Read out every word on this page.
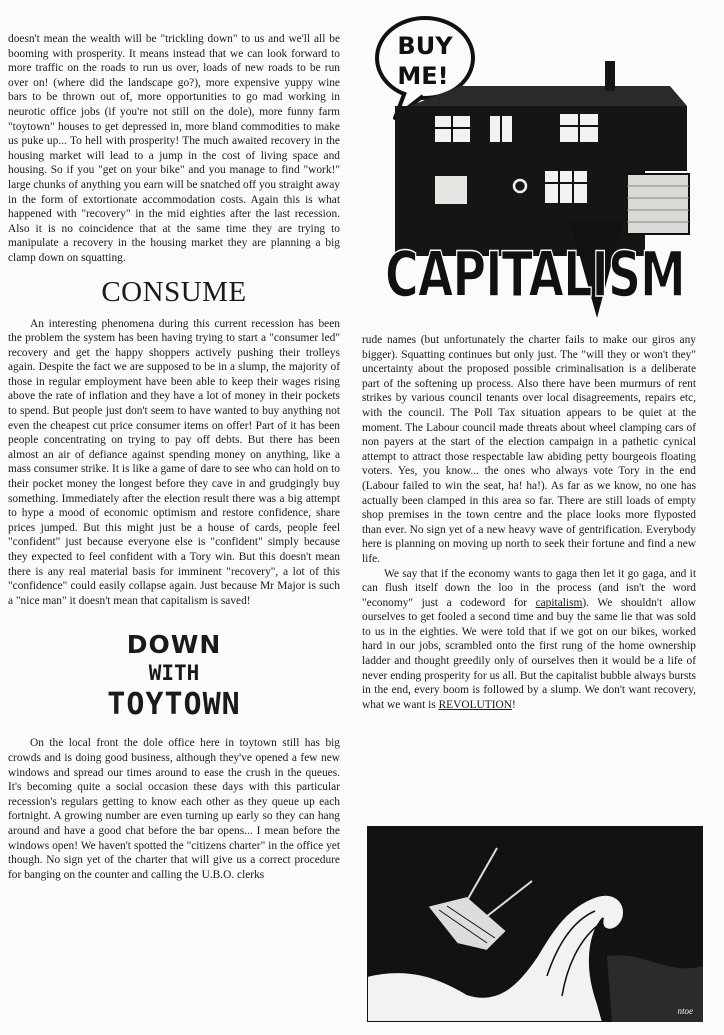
doesn't mean the wealth will be "trickling down" to us and we'll all be booming with prosperity. It means instead that we can look forward to more traffic on the roads to run us over, loads of new roads to be run over on! (where did the landscape go?), more expensive yuppy wine bars to be thrown out of, more opportunities to go mad working in neurotic office jobs (if you're not still on the dole), more funny farm "toytown" houses to get depressed in, more bland commodities to make us puke up... To hell with prosperity! The much awaited recovery in the housing market will lead to a jump in the cost of living space and housing. So if you "get on your bike" and you manage to find "work!" large chunks of anything you earn will be snatched off you straight away in the form of extortionate accommodation costs. Again this is what happened with "recovery" in the mid eighties after the last recession. Also it is no coincidence that at the same time they are trying to manipulate a recovery in the housing market they are planning a big clamp down on squatting.

CONSUME

An interesting phenomena during this current recession has been the problem the system has been having trying to start a "consumer led" recovery and get the happy shoppers actively pushing their trolleys again. Despite the fact we are supposed to be in a slump, the majority of those in regular employment have been able to keep their wages rising above the rate of inflation and they have a lot of money in their pockets to spend. But people just don't seem to have wanted to buy anything not even the cheapest cut price consumer items on offer! Part of it has been people concentrating on trying to pay off debts. But there has been almost an air of defiance against spending money on anything, like a mass consumer strike. It is like a game of dare to see who can hold on to their pocket money the longest before they cave in and grudgingly buy something. Immediately after the election result there was a big attempt to hype a mood of economic optimism and restore confidence, share prices jumped. But this might just be a house of cards, people feel "confident" just because everyone else is "confident" simply because they expected to feel confident with a Tory win. But this doesn't mean there is any real material basis for imminent "recovery", a lot of this "confidence" could easily collapse again. Just because Mr Major is such a "nice man" it doesn't mean that capitalism is saved!

DOWN
WITH
TOYTOWN

On the local front the dole office here in toytown still has big crowds and is doing good business, although they've opened a few new windows and spread our times around to ease the crush in the queues. It's becoming quite a social occasion these days with this particular recession's regulars getting to know each other as they queue up each fortnight. A growing number are even turning up early so they can hang around and have a good chat before the bar opens... I mean before the windows open! We haven't spotted the "citizens charter" in the office yet though. No sign yet of the charter that will give us a correct procedure for banging on the counter and calling the U.B.O. clerks

rude names (but unfortunately the charter fails to make our giros any bigger). Squatting continues but only just. The "will they or won't they" uncertainty about the proposed possible criminalisation is a deliberate part of the softening up process. Also there have been murmurs of rent strikes by various council tenants over local disagreements, repairs etc, with the council. The Poll Tax situation appears to be quiet at the moment. The Labour council made threats about wheel clamping cars of non payers at the start of the election campaign in a pathetic cynical attempt to attract those respectable law abiding petty bourgeois floating voters. Yes, you know... the ones who always vote Tory in the end (Labour failed to win the seat, ha! ha!). As far as we know, no one has actually been clamped in this area so far. There are still loads of empty shop premises in the town centre and the place looks more flyposted than ever. No sign yet of a new heavy wave of gentrification. Everybody here is planning on moving up north to seek their fortune and find a new life.

We say that if the economy wants to gaga then let it go gaga, and it can flush itself down the loo in the process (and isn't the word "economy" just a codeword for capitalism). We shouldn't allow ourselves to get fooled a second time and buy the same lie that was sold to us in the eighties. We were told that if we got on our bikes, worked hard in our jobs, scrambled onto the first rung of the home ownership ladder and thought greedily only of ourselves then it would be a life of never ending prosperity for us all. But the capitalist bubble always bursts in the end, every boom is followed by a slump. We don't want recovery, what we want is REVOLUTION!

BUY
ME!
CAPITALISM
ntoe
